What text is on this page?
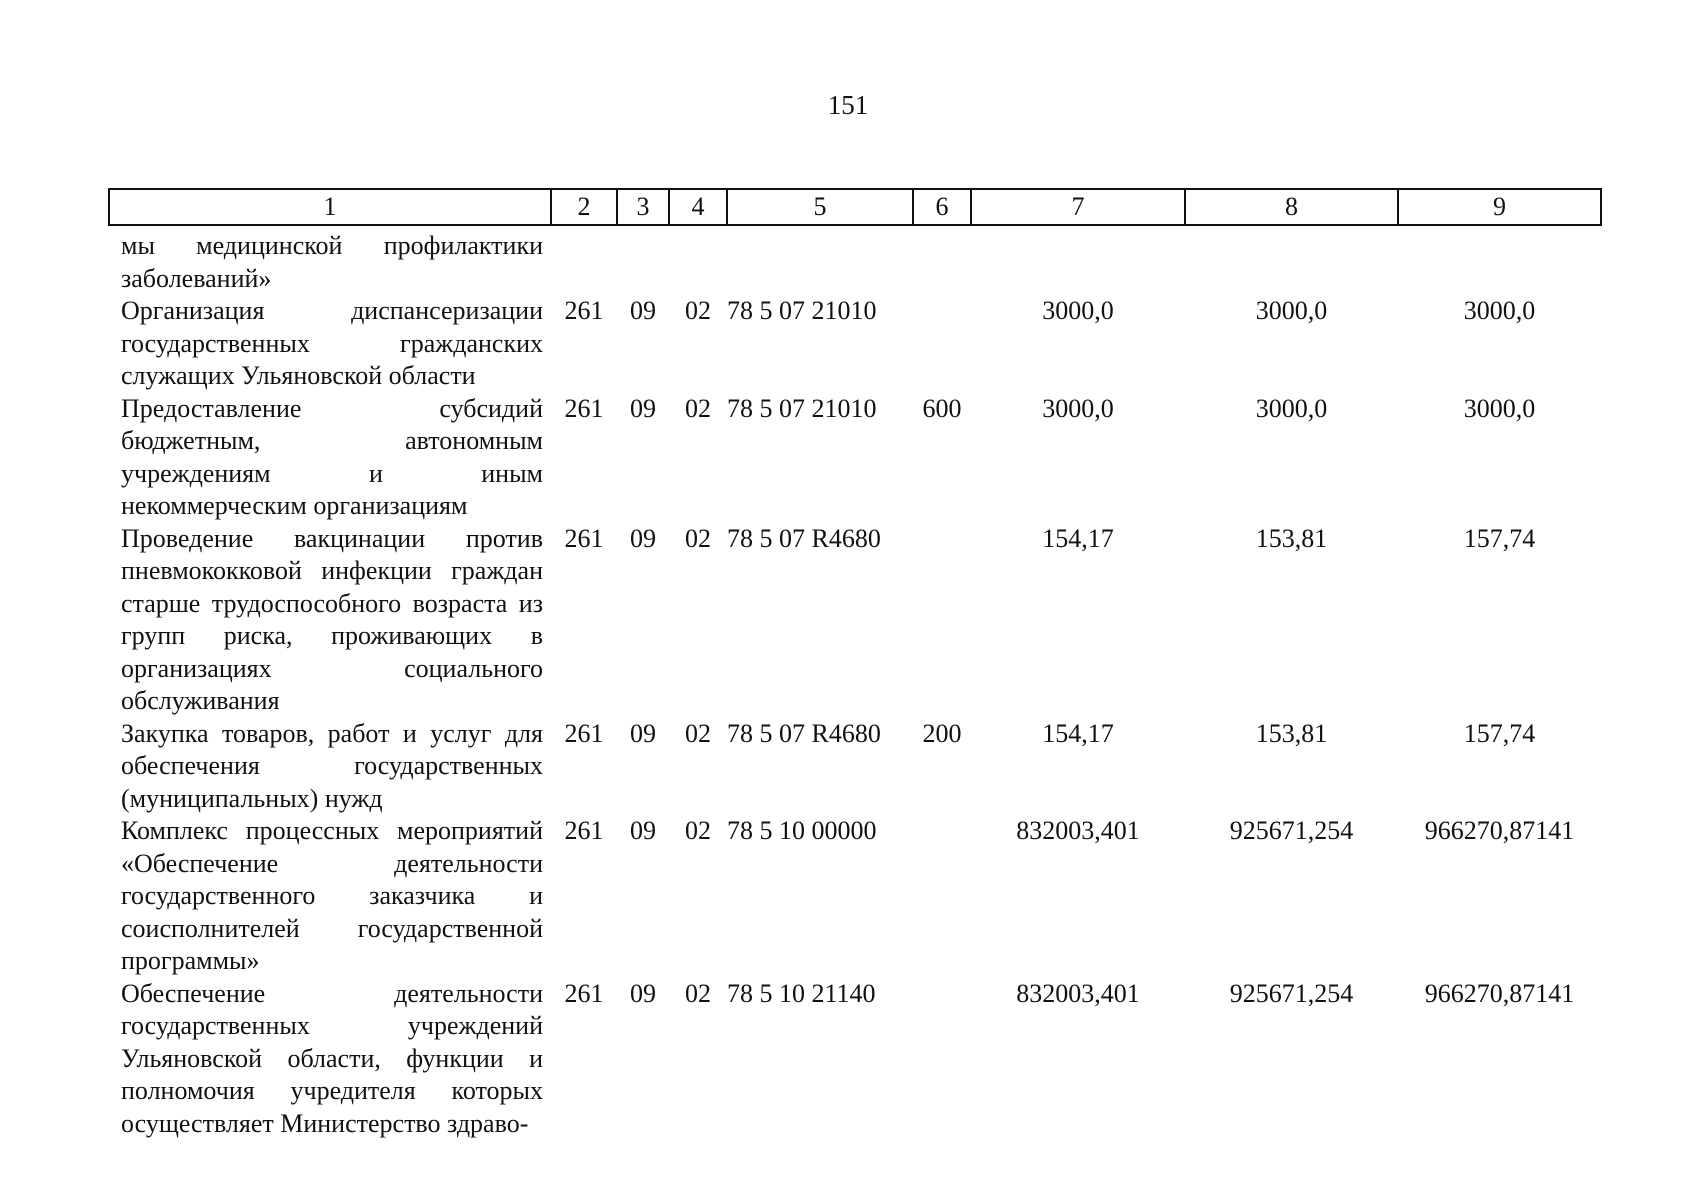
151
1	2	3	4	5	6	7	8	9
мы медицинской профилактики заболеваний»								
Организация диспансеризации государственных гражданских служащих Ульяновской области	261	09	02	78 5 07 21010		3000,0	3000,0	3000,0
Предоставление субсидий бюджетным, автономным учреждениям и иным некоммерческим организациям	261	09	02	78 5 07 21010	600	3000,0	3000,0	3000,0
Проведение вакцинации против пневмококковой инфекции граждан старше трудоспособного возраста из групп риска, проживающих в организациях социального обслуживания	261	09	02	78 5 07 R4680		154,17	153,81	157,74
Закупка товаров, работ и услуг для обеспечения государственных (муниципальных) нужд	261	09	02	78 5 07 R4680	200	154,17	153,81	157,74
Комплекс процессных мероприятий «Обеспечение деятельности государственного заказчика и соисполнителей государственной программы»	261	09	02	78 5 10 00000		832003,401	925671,254	966270,87141
Обеспечение деятельности государственных учреждений Ульяновской области, функции и полномочия учредителя которых осуществляет Министерство здраво-	261	09	02	78 5 10 21140		832003,401	925671,254	966270,87141
